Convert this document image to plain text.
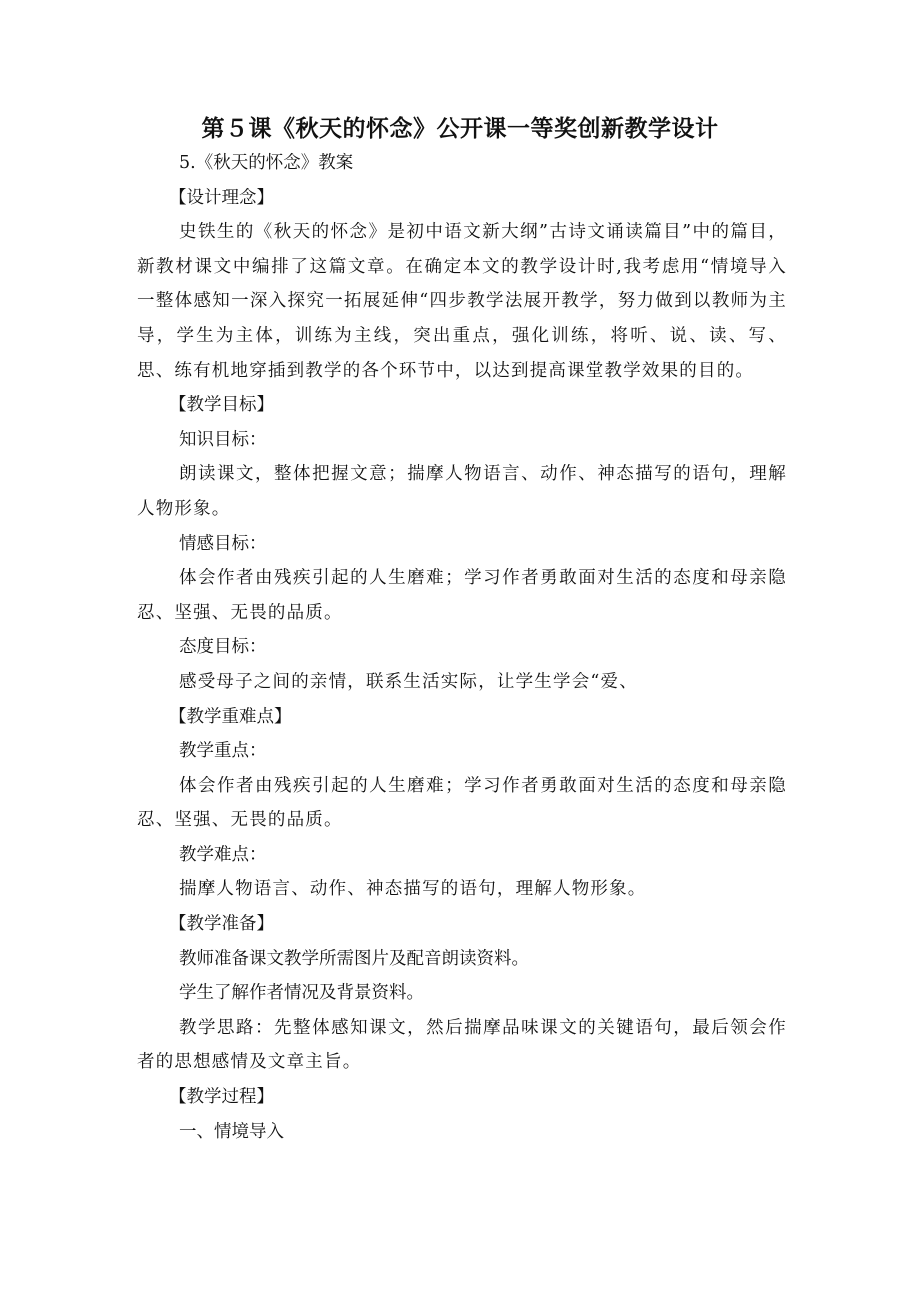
第５课《秋天的怀念》公开课一等奖创新教学设计

5.《秋天的怀念》教案

【设计理念】

史铁生的《秋天的怀念》是初中语文新大纲”古诗文诵读篇目”中的篇目，新教材课文中编排了这篇文章。在确定本文的教学设计时,我考虑用“情境导入一整体感知一深入探究一拓展延伸“四步教学法展开教学，努力做到以教师为主导，学生为主体，训练为主线，突出重点，强化训练，将听、说、读、写、思、练有机地穿插到教学的各个环节中，以达到提高课堂教学效果的目的。

【教学目标】

知识目标：

朗读课文，整体把握文意；揣摩人物语言、动作、神态描写的语句，理解人物形象。

情感目标：

体会作者由残疾引起的人生磨难；学习作者勇敢面对生活的态度和母亲隐忍、坚强、无畏的品质。

态度目标：

感受母子之间的亲情，联系生活实际，让学生学会“爱、

【教学重难点】

教学重点：

体会作者由残疾引起的人生磨难；学习作者勇敢面对生活的态度和母亲隐忍、坚强、无畏的品质。

教学难点：

揣摩人物语言、动作、神态描写的语句，理解人物形象。

【教学准备】

教师准备课文教学所需图片及配音朗读资料。

学生了解作者情况及背景资料。

教学思路：先整体感知课文，然后揣摩品味课文的关键语句，最后领会作者的思想感情及文章主旨。

【教学过程】

一、情境导入
